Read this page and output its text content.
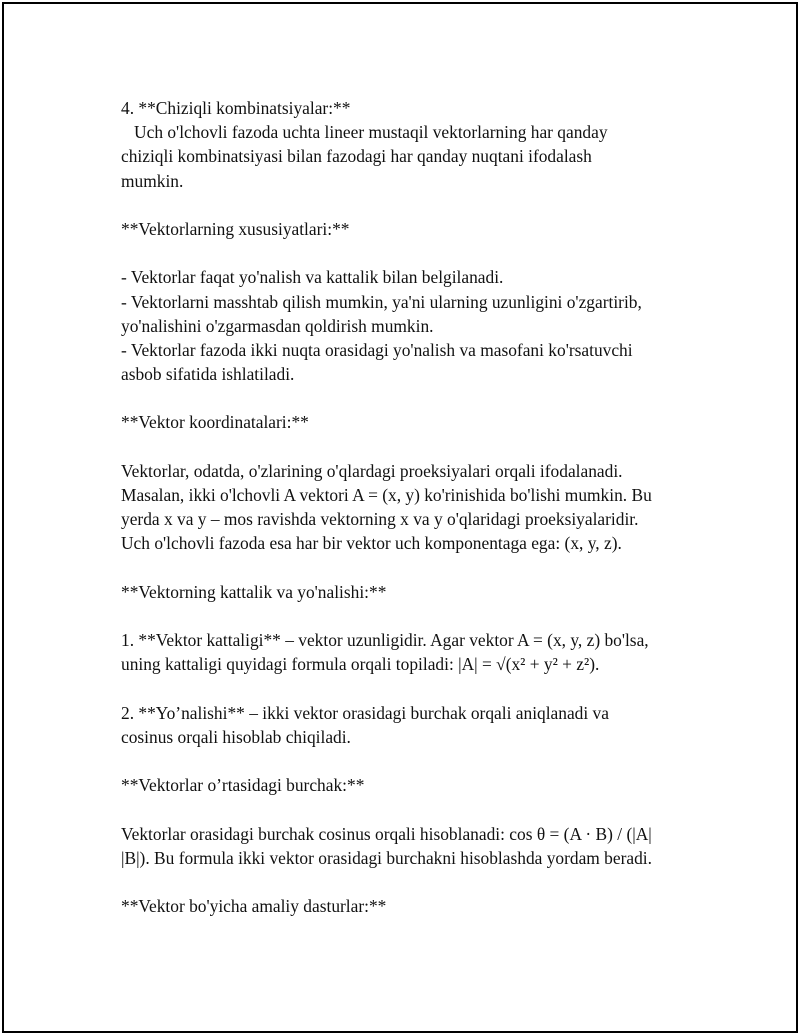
4. **Chiziqli kombinatsiyalar:**
Uch o'lchovli fazoda uchta lineer mustaqil vektorlarning har qanday
chiziqli kombinatsiyasi bilan fazodagi har qanday nuqtani ifodalash
mumkin.
**Vektorlarning xususiyatlari:**
- Vektorlar faqat yo'nalish va kattalik bilan belgilanadi.
- Vektorlarni masshtab qilish mumkin, ya'ni ularning uzunligini o'zgartirib,
yo'nalishini o'zgarmasdan qoldirish mumkin.
- Vektorlar fazoda ikki nuqta orasidagi yo'nalish va masofani ko'rsatuvchi
asbob sifatida ishlatiladi.
**Vektor koordinatalari:**
Vektorlar, odatda, o'zlarining o'qlardagi proeksiyalari orqali ifodalanadi.
Masalan, ikki o'lchovli A vektori A = (x, y) ko'rinishida bo'lishi mumkin. Bu
yerda x va y – mos ravishda vektorning x va y o'qlaridagi proeksiyalaridir.
Uch o'lchovli fazoda esa har bir vektor uch komponentaga ega: (x, y, z).
**Vektorning kattalik va yo'nalishi:**
1. **Vektor kattaligi** – vektor uzunligidir. Agar vektor A = (x, y, z) bo'lsa,
uning kattaligi quyidagi formula orqali topiladi: |A| = √(x² + y² + z²).
2. **Yo’nalishi** – ikki vektor orasidagi burchak orqali aniqlanadi va
cosinus orqali hisoblab chiqiladi.
**Vektorlar o’rtasidagi burchak:**
Vektorlar orasidagi burchak cosinus orqali hisoblanadi: cos θ = (A · B) / (|A|
|B|). Bu formula ikki vektor orasidagi burchakni hisoblashda yordam beradi.
**Vektor bo'yicha amaliy dasturlar:**
